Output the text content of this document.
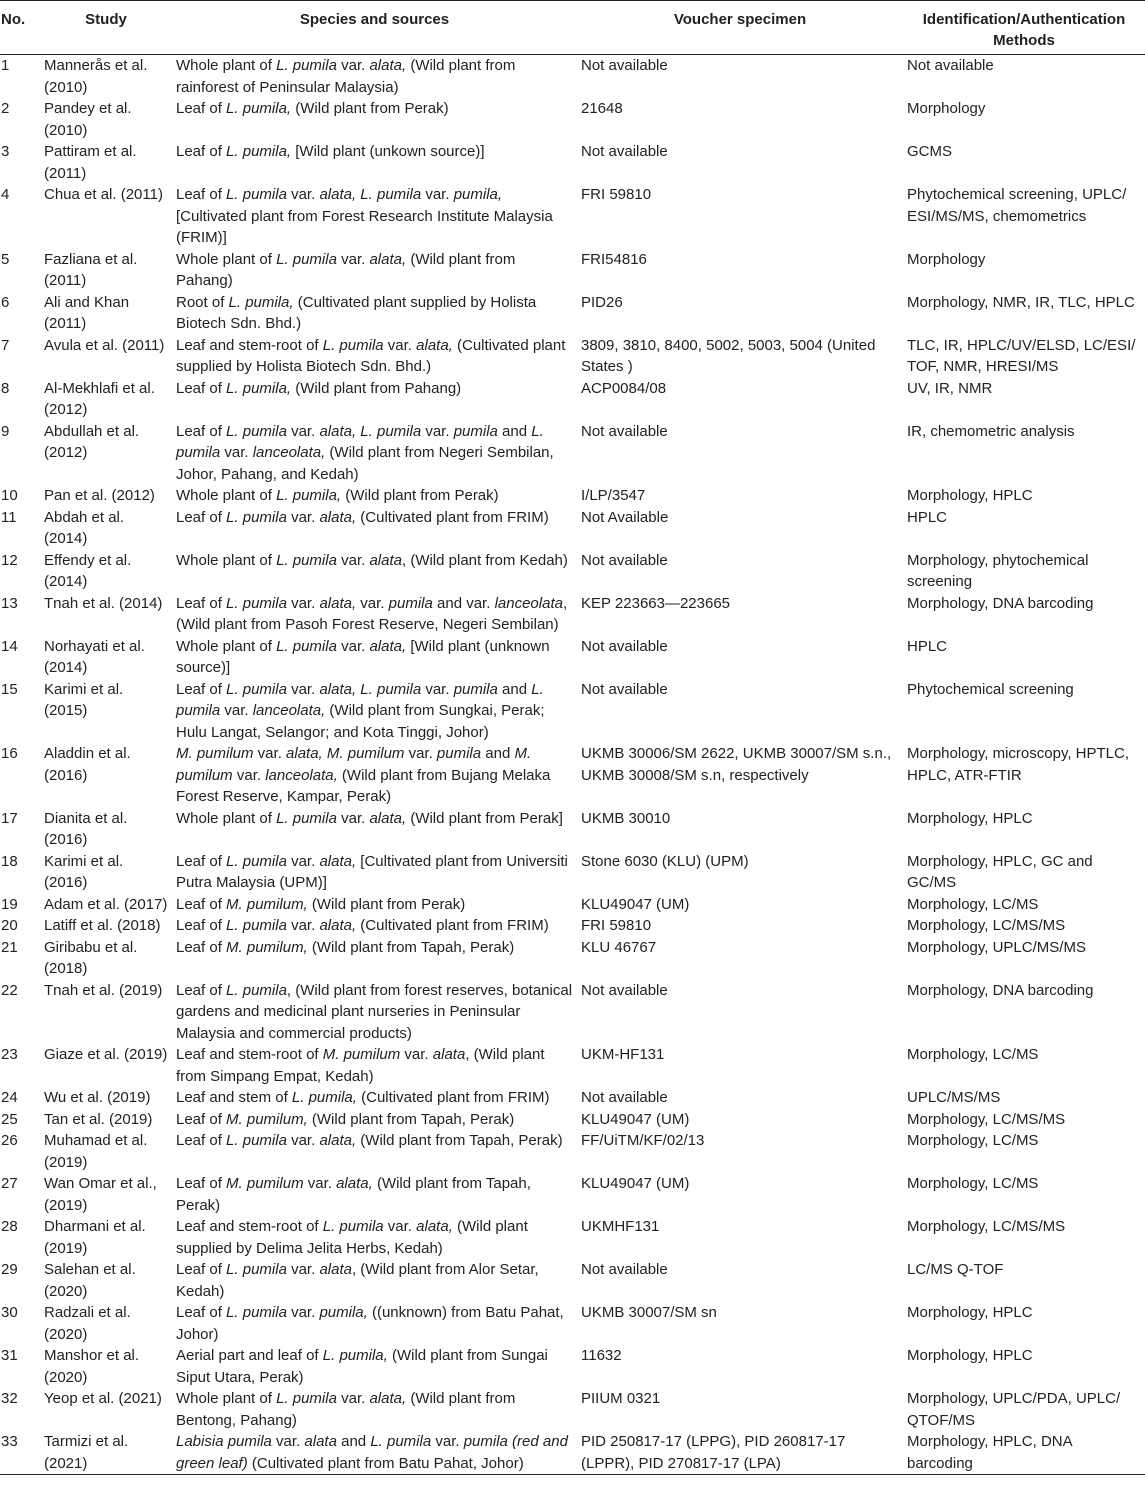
No.	Study	Species and sources	Voucher specimen	Identification/Authentication Methods
1	Mannerås et al. (2010)	Whole plant of L. pumila var. alata, (Wild plant from rainforest of Peninsular Malaysia)	Not available	Not available
2	Pandey et al. (2010)	Leaf of L. pumila, (Wild plant from Perak)	21648	Morphology
3	Pattiram et al. (2011)	Leaf of L. pumila, [Wild plant (unkown source)]	Not available	GCMS
4	Chua et al. (2011)	Leaf of L. pumila var. alata, L. pumila var. pumila, [Cultivated plant from Forest Research Institute Malaysia (FRIM)]	FRI 59810	Phytochemical screening, UPLC/ ESI/MS/MS, chemometrics
5	Fazliana et al. (2011)	Whole plant of L. pumila var. alata, (Wild plant from Pahang)	FRI54816	Morphology
6	Ali and Khan (2011)	Root of L. pumila, (Cultivated plant supplied by Holista Biotech Sdn. Bhd.)	PID26	Morphology, NMR, IR, TLC, HPLC
7	Avula et al. (2011)	Leaf and stem-root of L. pumila var. alata, (Cultivated plant supplied by Holista Biotech Sdn. Bhd.)	3809, 3810, 8400, 5002, 5003, 5004 (United States )	TLC, IR, HPLC/UV/ELSD, LC/ESI/ TOF, NMR, HRESI/MS
8	Al-Mekhlafi et al. (2012)	Leaf of L. pumila, (Wild plant from Pahang)	ACP0084/08	UV, IR, NMR
9	Abdullah et al. (2012)	Leaf of L. pumila var. alata, L. pumila var. pumila and L. pumila var. lanceolata, (Wild plant from Negeri Sembilan, Johor, Pahang, and Kedah)	Not available	IR, chemometric analysis
10	Pan et al. (2012)	Whole plant of L. pumila, (Wild plant from Perak)	I/LP/3547	Morphology, HPLC
11	Abdah et al. (2014)	Leaf of L. pumila var. alata, (Cultivated plant from FRIM)	Not Available	HPLC
12	Effendy et al. (2014)	Whole plant of L. pumila var. alata, (Wild plant from Kedah)	Not available	Morphology, phytochemical screening
13	Tnah et al. (2014)	Leaf of L. pumila var. alata, var. pumila and var. lanceolata, (Wild plant from Pasoh Forest Reserve, Negeri Sembilan)	KEP 223663—223665	Morphology, DNA barcoding
14	Norhayati et al. (2014)	Whole plant of L. pumila var. alata, [Wild plant (unknown source)]	Not available	HPLC
15	Karimi et al. (2015)	Leaf of L. pumila var. alata, L. pumila var. pumila and L. pumila var. lanceolata, (Wild plant from Sungkai, Perak; Hulu Langat, Selangor; and Kota Tinggi, Johor)	Not available	Phytochemical screening
16	Aladdin et al. (2016)	M. pumilum var. alata, M. pumilum var. pumila and M. pumilum var. lanceolata, (Wild plant from Bujang Melaka Forest Reserve, Kampar, Perak)	UKMB 30006/SM 2622, UKMB 30007/SM s.n., UKMB 30008/SM s.n, respectively	Morphology, microscopy, HPTLC, HPLC, ATR-FTIR
17	Dianita et al. (2016)	Whole plant of L. pumila var. alata, (Wild plant from Perak]	UKMB 30010	Morphology, HPLC
18	Karimi et al. (2016)	Leaf of L. pumila var. alata, [Cultivated plant from Universiti Putra Malaysia (UPM)]	Stone 6030 (KLU) (UPM)	Morphology, HPLC, GC and GC/MS
19	Adam et al. (2017)	Leaf of M. pumilum, (Wild plant from Perak)	KLU49047 (UM)	Morphology, LC/MS
20	Latiff et al. (2018)	Leaf of L. pumila var. alata, (Cultivated plant from FRIM)	FRI 59810	Morphology, LC/MS/MS
21	Giribabu et al. (2018)	Leaf of M. pumilum, (Wild plant from Tapah, Perak)	KLU 46767	Morphology, UPLC/MS/MS
22	Tnah et al. (2019)	Leaf of L. pumila, (Wild plant from forest reserves, botanical gardens and medicinal plant nurseries in Peninsular Malaysia and commercial products)	Not available	Morphology, DNA barcoding
23	Giaze et al. (2019)	Leaf and stem-root of M. pumilum var. alata, (Wild plant from Simpang Empat, Kedah)	UKM-HF131	Morphology, LC/MS
24	Wu et al. (2019)	Leaf and stem of L. pumila, (Cultivated plant from FRIM)	Not available	UPLC/MS/MS
25	Tan et al. (2019)	Leaf of M. pumilum, (Wild plant from Tapah, Perak)	KLU49047 (UM)	Morphology, LC/MS/MS
26	Muhamad et al. (2019)	Leaf of L. pumila var. alata, (Wild plant from Tapah, Perak)	FF/UiTM/KF/02/13	Morphology, LC/MS
27	Wan Omar et al., (2019)	Leaf of M. pumilum var. alata, (Wild plant from Tapah, Perak)	KLU49047 (UM)	Morphology, LC/MS
28	Dharmani et al. (2019)	Leaf and stem-root of L. pumila var. alata, (Wild plant supplied by Delima Jelita Herbs, Kedah)	UKMHF131	Morphology, LC/MS/MS
29	Salehan et al. (2020)	Leaf of L. pumila var. alata, (Wild plant from Alor Setar, Kedah)	Not available	LC/MS Q-TOF
30	Radzali et al. (2020)	Leaf of L. pumila var. pumila, ((unknown) from Batu Pahat, Johor)	UKMB 30007/SM sn	Morphology, HPLC
31	Manshor et al. (2020)	Aerial part and leaf of L. pumila, (Wild plant from Sungai Siput Utara, Perak)	11632	Morphology, HPLC
32	Yeop et al. (2021)	Whole plant of L. pumila var. alata, (Wild plant from Bentong, Pahang)	PIIUM 0321	Morphology, UPLC/PDA, UPLC/ QTOF/MS
33	Tarmizi et al. (2021)	Labisia pumila var. alata and L. pumila var. pumila (red and green leaf) (Cultivated plant from Batu Pahat, Johor)	PID 250817-17 (LPPG), PID 260817-17 (LPPR), PID 270817-17 (LPA)	Morphology, HPLC, DNA barcoding
